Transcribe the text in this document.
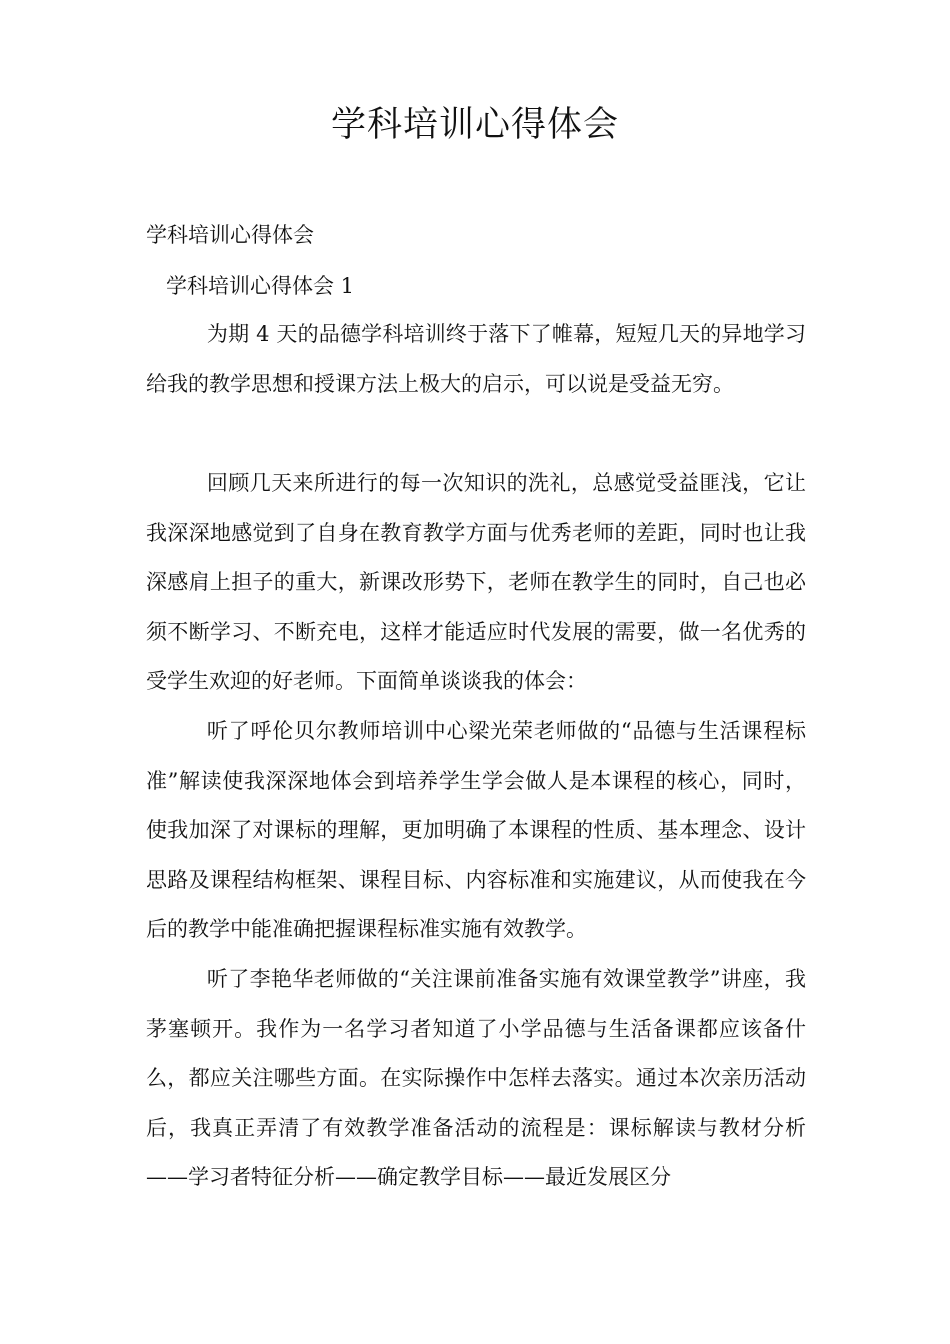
学科培训心得体会
学科培训心得体会
学科培训心得体会 1

为期 4 天的品德学科培训终于落下了帷幕，短短几天的异地学习给我的教学思想和授课方法上极大的启示，可以说是受益无穷。

回顾几天来所进行的每一次知识的洗礼，总感觉受益匪浅，它让我深深地感觉到了自身在教育教学方面与优秀老师的差距，同时也让我深感肩上担子的重大，新课改形势下，老师在教学生的同时，自己也必须不断学习、不断充电，这样才能适应时代发展的需要，做一名优秀的受学生欢迎的好老师。下面简单谈谈我的体会：

听了呼伦贝尔教师培训中心梁光荣老师做的“品德与生活课程标准”解读使我深深地体会到培养学生学会做人是本课程的核心，同时，使我加深了对课标的理解，更加明确了本课程的性质、基本理念、设计思路及课程结构框架、课程目标、内容标准和实施建议，从而使我在今后的教学中能准确把握课程标准实施有效教学。

听了李艳华老师做的“关注课前准备实施有效课堂教学”讲座，我茅塞顿开。我作为一名学习者知道了小学品德与生活备课都应该备什么，都应关注哪些方面。在实际操作中怎样去落实。通过本次亲历活动后，我真正弄清了有效教学准备活动的流程是：课标解读与教材分析——学习者特征分析——确定教学目标——最近发展区分
